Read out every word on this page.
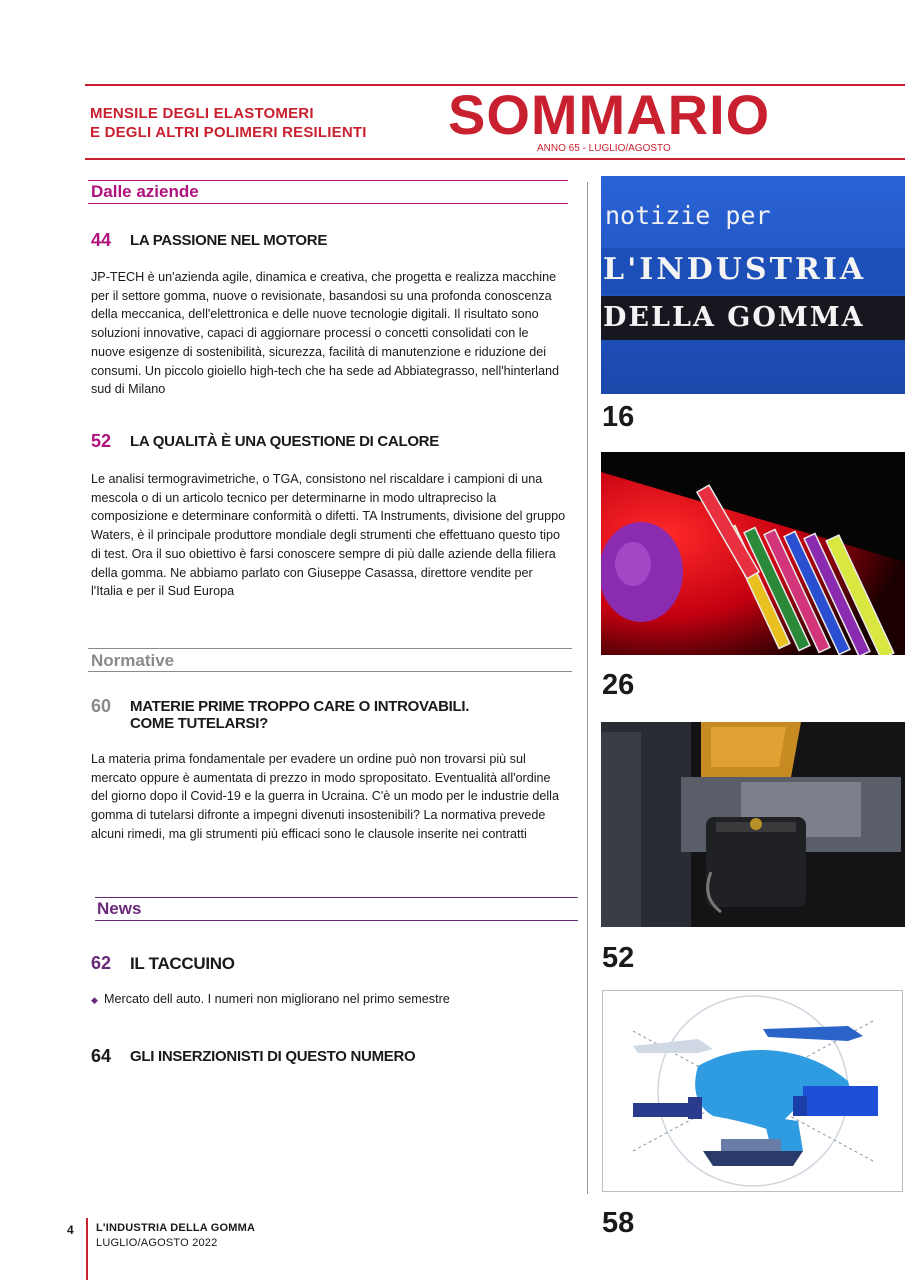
MENSILE DEGLI ELASTOMERI
E DEGLI ALTRI POLIMERI RESILIENTI	SOMMARIO
ANNO 65 - LUGLIO/AGOSTO
Dalle aziende
44 LA PASSIONE NEL MOTORE
JP-TECH è un'azienda agile, dinamica e creativa, che progetta e realizza macchine per il settore gomma, nuove o revisionate, basandosi su una profonda conoscenza della meccanica, dell'elettronica e delle nuove tecnologie digitali. Il risultato sono soluzioni innovative, capaci di aggiornare processi o concetti consolidati con le nuove esigenze di sostenibilità, sicurezza, facilità di manutenzione e riduzione dei consumi. Un piccolo gioiello high-tech che ha sede ad Abbiategrasso, nell'hinterland sud di Milano
52 LA QUALITÀ È UNA QUESTIONE DI CALORE
Le analisi termogravimetriche, o TGA, consistono nel riscaldare i campioni di una mescola o di un articolo tecnico per determinarne in modo ultrapreciso la composizione e determinare conformità o difetti. TA Instruments, divisione del gruppo Waters, è il principale produttore mondiale degli strumenti che effettuano questo tipo di test. Ora il suo obiettivo è farsi conoscere sempre di più dalle aziende della filiera della gomma. Ne abbiamo parlato con Giuseppe Casassa, direttore vendite per l'Italia e per il Sud Europa
Normative
60 MATERIE PRIME TROPPO CARE O INTROVABILI.
COME TUTELARSI?
La materia prima fondamentale per evadere un ordine può non trovarsi più sul mercato oppure è aumentata di prezzo in modo spropositato. Eventualità all'ordine del giorno dopo il Covid-19 e la guerra in Ucraina. C'è un modo per le industrie della gomma di tutelarsi difronte a impegni divenuti insostenibili? La normativa prevede alcuni rimedi, ma gli strumenti più efficaci sono le clausole inserite nei contratti
News
62 IL TACCUINO
◆ Mercato dell auto. I numeri non migliorano nel primo semestre
64 GLI INSERZIONISTI DI QUESTO NUMERO
notizie per
L'INDUSTRIA
DELLA GOMMA
16
26
52
58
4 L'INDUSTRIA DELLA GOMMA
LUGLIO/AGOSTO 2022
